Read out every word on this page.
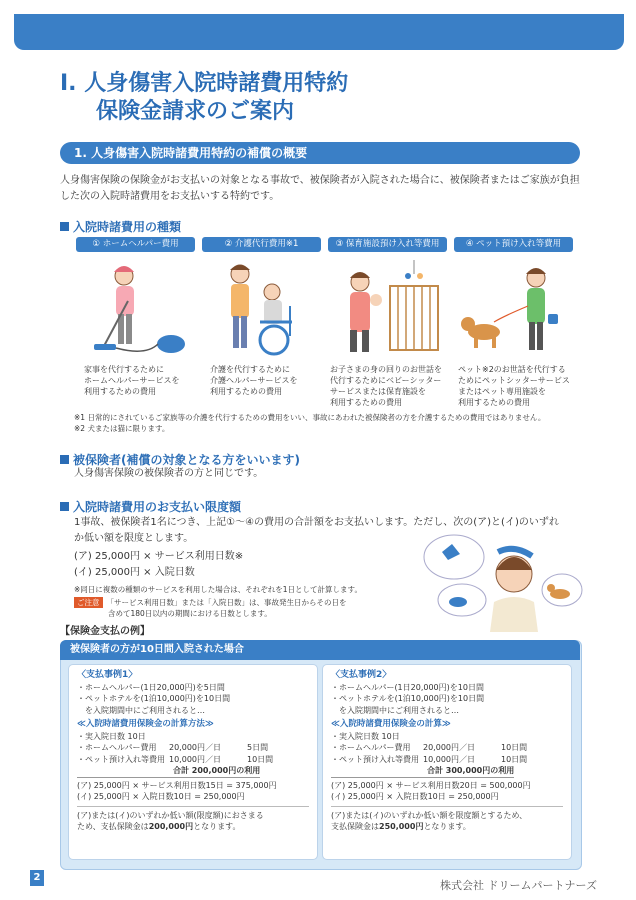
Ⅰ. 人身傷害入院時諸費用特約
保険金請求のご案内
1. 人身傷害入院時諸費用特約の補償の概要
人身傷害保険の保険金がお支払いの対象となる事故で、被保険者が入院された場合に、被保険者またはご家族が負担した次の入院時諸費用をお支払いする特約です。
入院時諸費用の種類
① ホームヘルパー費用	② 介護代行費用※1	③ 保育施設預け入れ等費用	④ ペット預け入れ等費用
家事を代行するために
ホームヘルパーサービスを
利用するための費用
介護を代行するために
介護ヘルパーサービスを
利用するための費用
お子さまの身の回りのお世話を
代行するためにベビーシッター
サービスまたは保育施設を
利用するための費用
ペット※2のお世話を代行する
ためにペットシッターサービス
またはペット専用施設を
利用するための費用
※1 日常的にされているご家族等の介護を代行するための費用をいい、事故にあわれた被保険者の方を介護するための費用ではありません。
※2 犬または猫に限ります。
被保険者(補償の対象となる方をいいます)
人身傷害保険の被保険者の方と同じです。
入院時諸費用のお支払い限度額
1事故、被保険者1名につき、上記①～④の費用の合計額をお支払いします。ただし、次の(ア)と(イ)のいずれ
か低い額を限度とします。
(ア) 25,000円 × サービス利用日数※
(イ) 25,000円 × 入院日数
※同日に複数の種類のサービスを利用した場合は、それぞれを1日として計算します。
ご注意 「サービス利用日数」または「入院日数」は、事故発生日からその日を
含めて180日以内の期間における日数とします。
【保険金支払の例】
被保険者の方が10日間入院された場合
〈支払事例1〉
・ホームヘルパー(1日20,000円)を5日間
・ペットホテルを(1泊10,000円)を10日間
　を入院期間中にご利用されると…
≪入院時諸費用保険金の計算方法≫
・実入院日数 10日
・ホームヘルパー費用	20,000円／日	5日間
・ペット預け入れ等費用 10,000円／日	10日間
合計 200,000円の利用
(ア) 25,000円 × サービス利用日数15日 = 375,000円
(イ) 25,000円 × 入院日数10日 = 250,000円
(ア)または(イ)のいずれか低い額(限度額)におさまる
ため、支払保険金は200,000円となります。
〈支払事例2〉
・ホームヘルパー(1日20,000円)を10日間
・ペットホテルを(1泊10,000円)を10日間
　を入院期間中にご利用されると…
≪入院時諸費用保険金の計算≫
・実入院日数 10日
・ホームヘルパー費用	20,000円／日	10日間
・ペット預け入れ等費用 10,000円／日	10日間
合計 300,000円の利用
(ア) 25,000円 × サービス利用日数20日 = 500,000円
(イ) 25,000円 × 入院日数10日 = 250,000円
(ア)または(イ)のいずれか低い額を限度額とするため、
支払保険金は250,000円となります。
2
株式会社 ドリームパートナーズ
